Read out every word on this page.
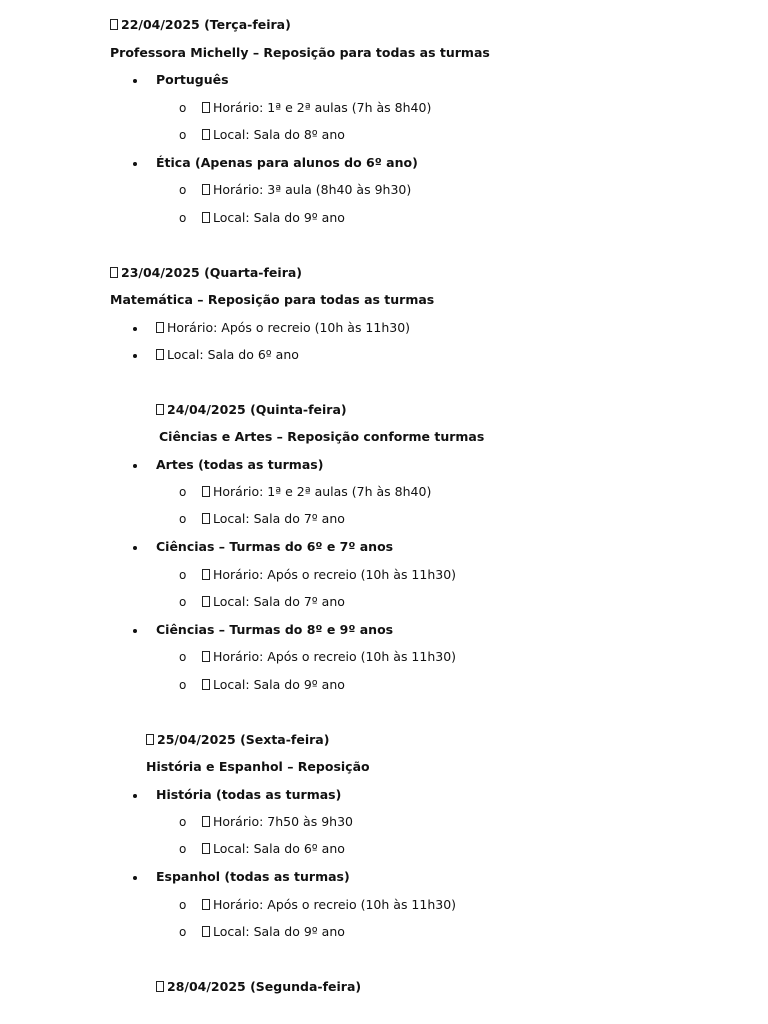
22/04/2025 (Terça-feira)
Professora Michelly – Reposição para todas as turmas
Português
o	Horário: 1ª e 2ª aulas (7h às 8h40)
o	Local: Sala do 8º ano
Ética (Apenas para alunos do 6º ano)
o	Horário: 3ª aula (8h40 às 9h30)
o	Local: Sala do 9º ano
23/04/2025 (Quarta-feira)
Matemática – Reposição para todas as turmas
Horário: Após o recreio (10h às 11h30)
Local: Sala do 6º ano
24/04/2025 (Quinta-feira)
Ciências e Artes – Reposição conforme turmas
Artes (todas as turmas)
o	Horário: 1ª e 2ª aulas (7h às 8h40)
o	Local: Sala do 7º ano
Ciências – Turmas do 6º e 7º anos
o	Horário: Após o recreio (10h às 11h30)
o	Local: Sala do 7º ano
Ciências – Turmas do 8º e 9º anos
o	Horário: Após o recreio (10h às 11h30)
o	Local: Sala do 9º ano
25/04/2025 (Sexta-feira)
História e Espanhol – Reposição
História (todas as turmas)
o	Horário: 7h50 às 9h30
o	Local: Sala do 6º ano
Espanhol (todas as turmas)
o	Horário: Após o recreio (10h às 11h30)
o	Local: Sala do 9º ano
28/04/2025 (Segunda-feira)
